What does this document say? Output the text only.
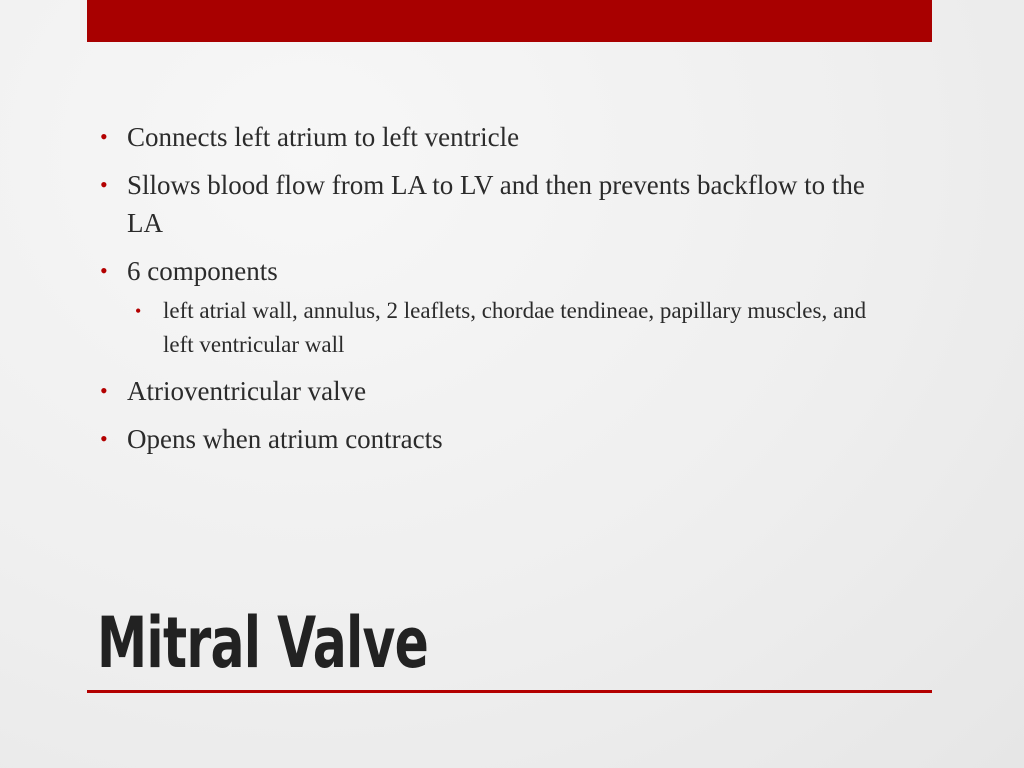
• Connects left atrium to left ventricle
• Sllows blood flow from LA to LV and then prevents backflow to the LA
• 6 components
• left atrial wall, annulus, 2 leaflets, chordae tendineae, papillary muscles, and left ventricular wall
• Atrioventricular valve
• Opens when atrium contracts
Mitral Valve
